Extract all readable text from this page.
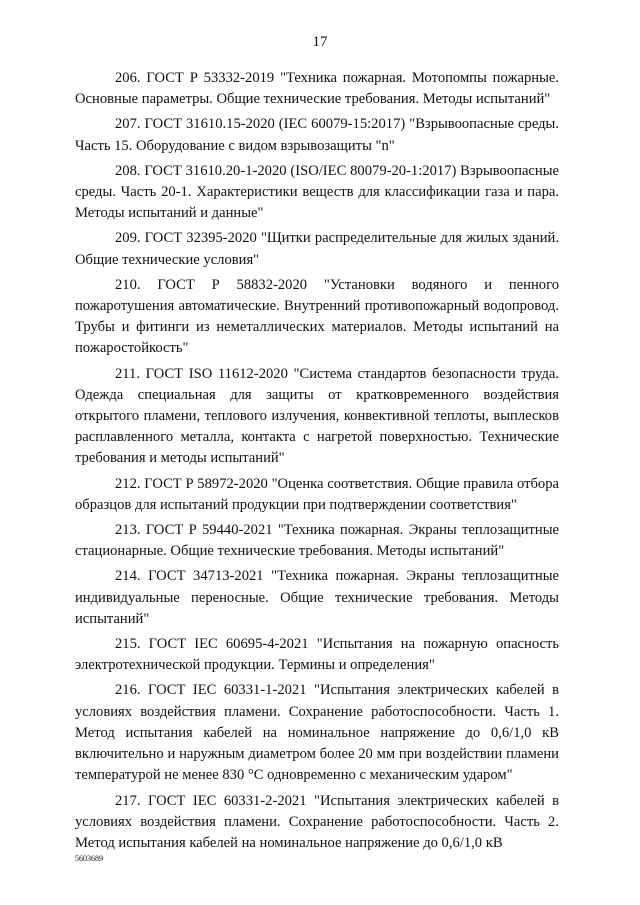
17

206. ГОСТ Р 53332-2019 "Техника пожарная. Мотопомпы пожарные. Основные параметры. Общие технические требования. Методы испытаний"

207. ГОСТ 31610.15-2020 (IEC 60079-15:2017) "Взрывоопасные среды. Часть 15. Оборудование с видом взрывозащиты "n"

208. ГОСТ 31610.20-1-2020 (ISO/IEC 80079-20-1:2017) Взрывоопасные среды. Часть 20-1. Характеристики веществ для классификации газа и пара. Методы испытаний и данные"

209. ГОСТ 32395-2020 "Щитки распределительные для жилых зданий. Общие технические условия"

210. ГОСТ Р 58832-2020 "Установки водяного и пенного пожаротушения автоматические. Внутренний противопожарный водопровод. Трубы и фитинги из неметаллических материалов. Методы испытаний на пожаростойкость"

211. ГОСТ ISO 11612-2020 "Система стандартов безопасности труда. Одежда специальная для защиты от кратковременного воздействия открытого пламени, теплового излучения, конвективной теплоты, выплесков расплавленного металла, контакта с нагретой поверхностью. Технические требования и методы испытаний"

212. ГОСТ Р 58972-2020 "Оценка соответствия. Общие правила отбора образцов для испытаний продукции при подтверждении соответствия"

213. ГОСТ Р 59440-2021 "Техника пожарная. Экраны теплозащитные стационарные. Общие технические требования. Методы испытаний"

214. ГОСТ 34713-2021 "Техника пожарная. Экраны теплозащитные индивидуальные переносные. Общие технические требования. Методы испытаний"

215. ГОСТ IEC 60695-4-2021 "Испытания на пожарную опасность электротехнической продукции. Термины и определения"

216. ГОСТ IEC 60331-1-2021 "Испытания электрических кабелей в условиях воздействия пламени. Сохранение работоспособности. Часть 1. Метод испытания кабелей на номинальное напряжение до 0,6/1,0 кВ включительно и наружным диаметром более 20 мм при воздействии пламени температурой не менее 830 °C одновременно с механическим ударом"

217. ГОСТ IEC 60331-2-2021 "Испытания электрических кабелей в условиях воздействия пламени. Сохранение работоспособности. Часть 2. Метод испытания кабелей на номинальное напряжение до 0,6/1,0 кВ

5603689
